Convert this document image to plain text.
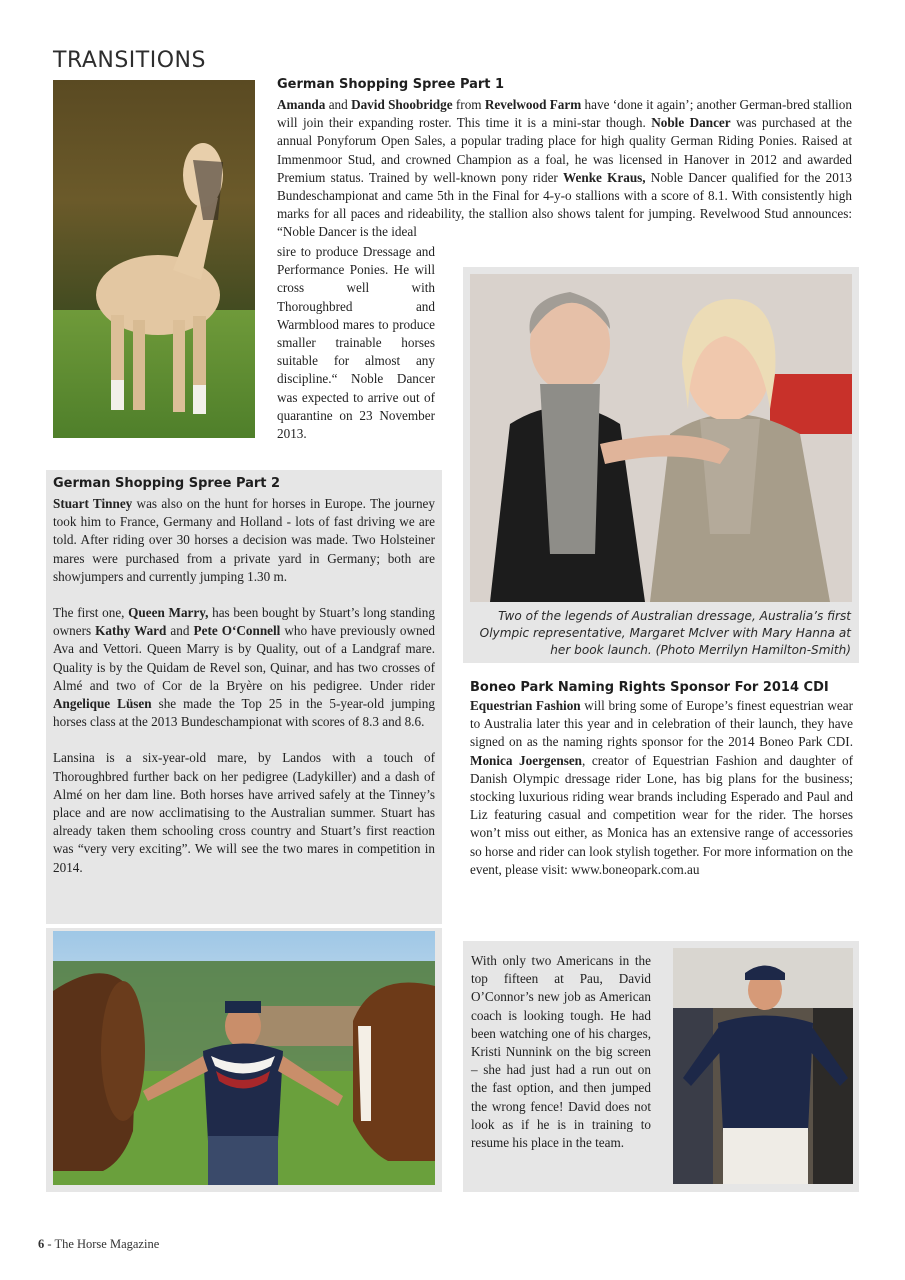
TRANSITIONS
German Shopping Spree Part 1
Amanda and David Shoobridge from Revelwood Farm have ‘done it again’; another German-bred stallion will join their expanding roster. This time it is a mini-star though. Noble Dancer was purchased at the annual Ponyforum Open Sales, a popular trading place for high quality German Riding Ponies. Raised at Immenmoor Stud, and crowned Champion as a foal, he was licensed in Hanover in 2012 and awarded Premium status. Trained by well-known pony rider Wenke Kraus, Noble Dancer qualified for the 2013 Bundeschampionat and came 5th in the Final for 4-y-o stallions with a score of 8.1. With consistently high marks for all paces and rideability, the stallion also shows talent for jumping. Revelwood Stud announces: “Noble Dancer is the ideal
sire to produce Dressage and Performance Ponies. He will cross well with Thoroughbred and Warmblood mares to produce smaller trainable horses suitable for almost any discipline.“ Noble Dancer was expected to arrive out of quarantine on 23 November 2013.
Two of the legends of Australian dressage, Australia’s first Olympic representative, Margaret McIver with Mary Hanna at her book launch. (Photo Merrilyn Hamilton-Smith)
German Shopping Spree Part 2

Stuart Tinney was also on the hunt for horses in Europe. The journey took him to France, Germany and Holland - lots of fast driving we are told. After riding over 30 horses a decision was made. Two Holsteiner mares were purchased from a private yard in Germany; both are showjumpers and currently jumping 1.30 m.

The first one, Queen Marry, has been bought by Stuart’s long standing owners Kathy Ward and Pete O‘Connell who have previously owned Ava and Vettori. Queen Marry is by Quality, out of a Landgraf mare. Quality is by the Quidam de Revel son, Quinar, and has two crosses of Almé and two of Cor de la Bryère on his pedigree. Under rider Angelique Lüsen she made the Top 25 in the 5-year-old jumping horses class at the 2013 Bundeschampionat with scores of 8.3 and 8.6.

Lansina is a six-year-old mare, by Landos with a touch of Thoroughbred further back on her pedigree (Ladykiller) and a dash of Almé on her dam line. Both horses have arrived safely at the Tinney’s place and are now acclimatising to the Australian summer. Stuart has already taken them schooling cross country and Stuart’s first reaction was “very very exciting”. We will see the two mares in competition in 2014.

Boneo Park Naming Rights Sponsor For 2014 CDI
Equestrian Fashion will bring some of Europe’s finest equestrian wear to Australia later this year and in celebration of their launch, they have signed on as the naming rights sponsor for the 2014 Boneo Park CDI. Monica Joergensen, creator of Equestrian Fashion and daughter of Danish Olympic dressage rider Lone, has big plans for the business; stocking luxurious riding wear brands including Esperado and Paul and Liz featuring casual and competition wear for the rider. The horses won’t miss out either, as Monica has an extensive range of accessories so horse and rider can look stylish together. For more information on the event, please visit: www.boneopark.com.au
With only two Americans in the top fifteen at Pau, David O’Connor’s new job as American coach is looking tough. He had been watching one of his charges, Kristi Nunnink on the big screen – she had just had a run out on the fast option, and then jumped the wrong fence! David does not look as if he is in training to resume his place in the team.
6 - The Horse Magazine
